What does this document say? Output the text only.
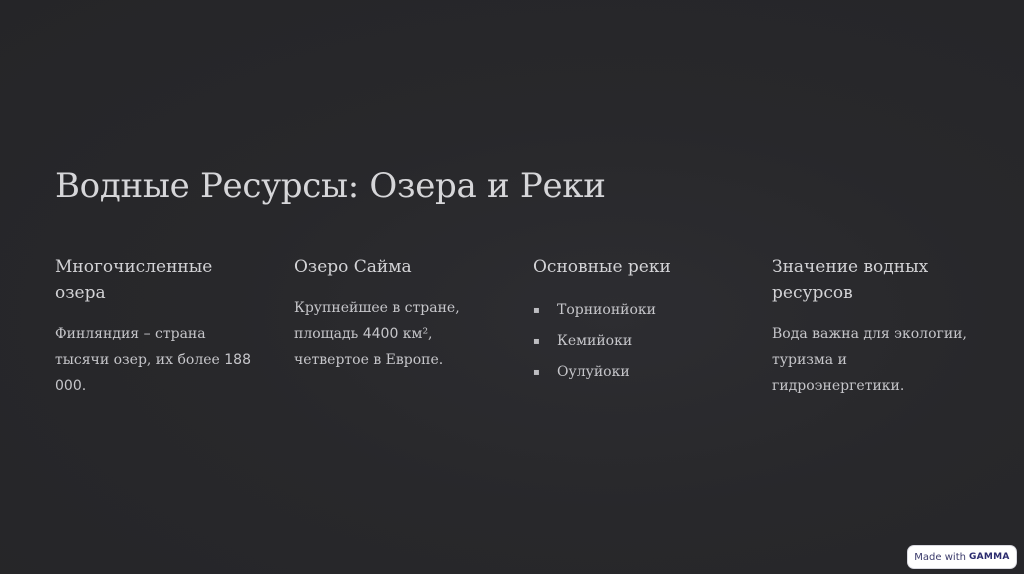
Водные Ресурсы: Озера и Реки
Многочисленные озера

Финляндия – страна тысячи озер, их более 188 000.

Озеро Сайма

Крупнейшее в стране, площадь 4400 км², четвертое в Европе.

Основные реки
▪ Торнионйоки
▪ Кемийоки
▪ Оулуйоки
Значение водных ресурсов

Вода важна для экологии, туризма и гидроэнергетики.

Made with GAMMA
